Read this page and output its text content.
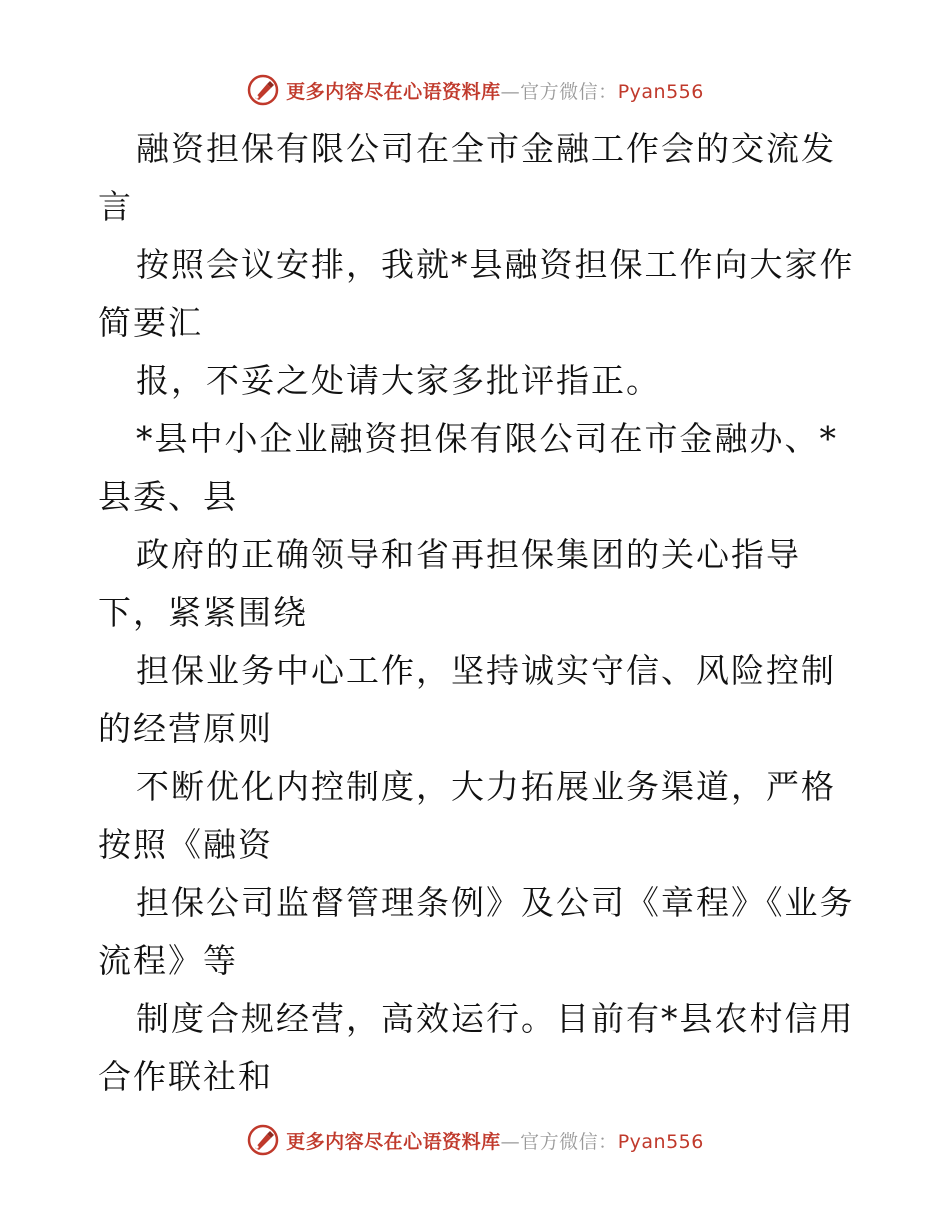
更多内容尽在心语资料库—官方微信：Pyan556

融资担保有限公司在全市金融工作会的交流发言

按照会议安排，我就*县融资担保工作向大家作简要汇

报，不妥之处请大家多批评指正。

*县中小企业融资担保有限公司在市金融办、*县委、县

政府的正确领导和省再担保集团的关心指导下，紧紧围绕

担保业务中心工作，坚持诚实守信、风险控制的经营原则

不断优化内控制度，大力拓展业务渠道，严格按照《融资

担保公司监督管理条例》及公司《章程》《业务流程》等

制度合规经营，高效运行。目前有*县农村信用合作联社和

更多内容尽在心语资料库—官方微信：Pyan556
